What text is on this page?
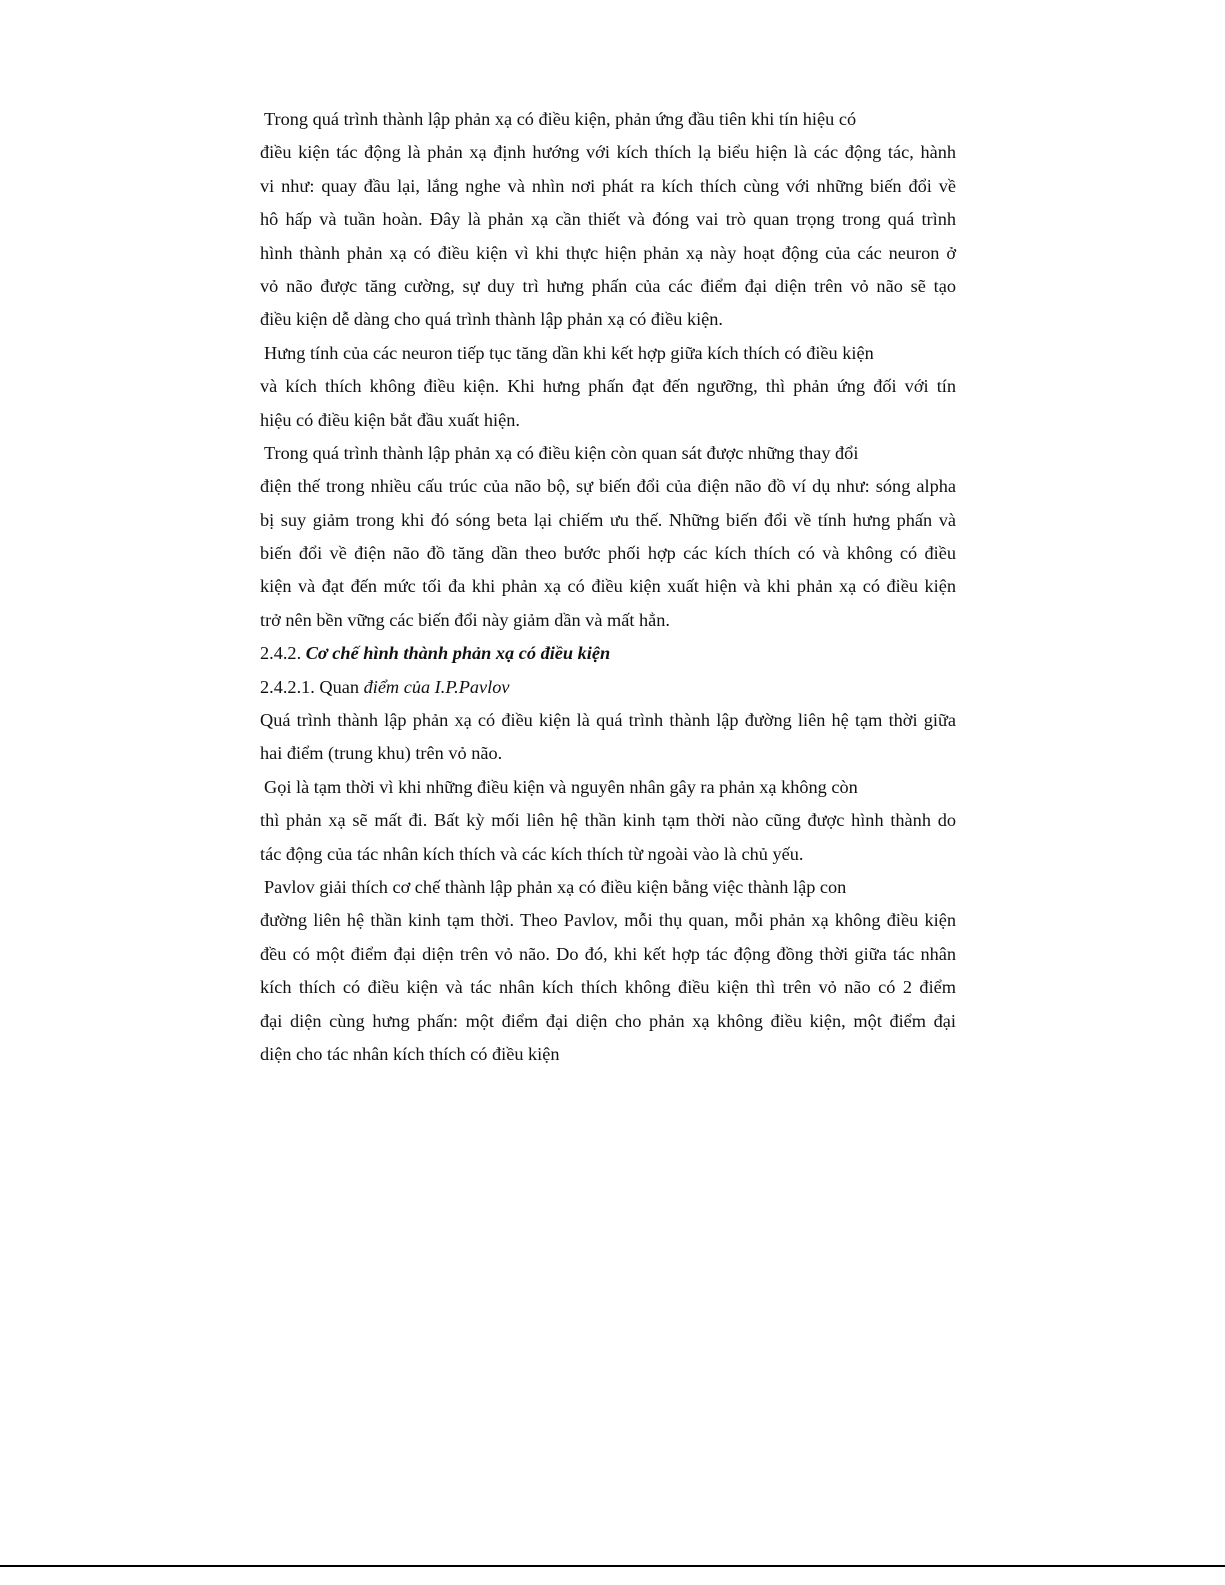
Trong quá trình thành lập phản xạ có điều kiện, phản ứng đầu tiên khi tín hiệu có
điều kiện tác động là phản xạ định hướng với kích thích lạ biểu hiện là các động tác, hành
vi như: quay đầu lại, lắng nghe và nhìn nơi phát ra kích thích cùng với những biến đổi về
hô hấp và tuần hoàn. Đây là phản xạ cần thiết và đóng vai trò quan trọng trong quá trình
hình thành phản xạ có điều kiện vì khi thực hiện phản xạ này hoạt động của các neuron ở
vỏ não được tăng cường, sự duy trì hưng phấn của các điểm đại diện trên vỏ não sẽ tạo
điều kiện dễ dàng cho quá trình thành lập phản xạ có điều kiện.
Hưng tính của các neuron tiếp tục tăng dần khi kết hợp giữa kích thích có điều kiện
và kích thích không điều kiện. Khi hưng phấn đạt đến ngưỡng, thì phản ứng đối với tín
hiệu có điều kiện bắt đầu xuất hiện.
Trong quá trình thành lập phản xạ có điều kiện còn quan sát được những thay đổi
điện thế trong nhiều cấu trúc của não bộ, sự biến đổi của điện não đồ ví dụ như: sóng alpha
bị suy giảm trong khi đó sóng beta lại chiếm ưu thế. Những biến đổi về tính hưng phấn và
biến đổi về điện não đồ tăng dần theo bước phối hợp các kích thích có và không có điều
kiện và đạt đến mức tối đa khi phản xạ có điều kiện xuất hiện và khi phản xạ có điều kiện
trở nên bền vững các biến đổi này giảm dần và mất hẳn.
2.4.2. Cơ chế hình thành phản xạ có điều kiện
2.4.2.1. Quan điểm của I.P.Pavlov
Quá trình thành lập phản xạ có điều kiện là quá trình thành lập đường liên hệ tạm thời giữa
hai điểm (trung khu) trên vỏ não.
Gọi là tạm thời vì khi những điều kiện và nguyên nhân gây ra phản xạ không còn
thì phản xạ sẽ mất đi. Bất kỳ mối liên hệ thần kinh tạm thời nào cũng được hình thành do
tác động của tác nhân kích thích và các kích thích từ ngoài vào là chủ yếu.
Pavlov giải thích cơ chế thành lập phản xạ có điều kiện bằng việc thành lập con
đường liên hệ thần kinh tạm thời. Theo Pavlov, mỗi thụ quan, mỗi phản xạ không điều kiện
đều có một điểm đại diện trên vỏ não. Do đó, khi kết hợp tác động đồng thời giữa tác nhân
kích thích có điều kiện và tác nhân kích thích không điều kiện thì trên vỏ não có 2 điểm
đại diện cùng hưng phấn: một điểm đại diện cho phản xạ không điều kiện, một điểm đại
diện cho tác nhân kích thích có điều kiện
